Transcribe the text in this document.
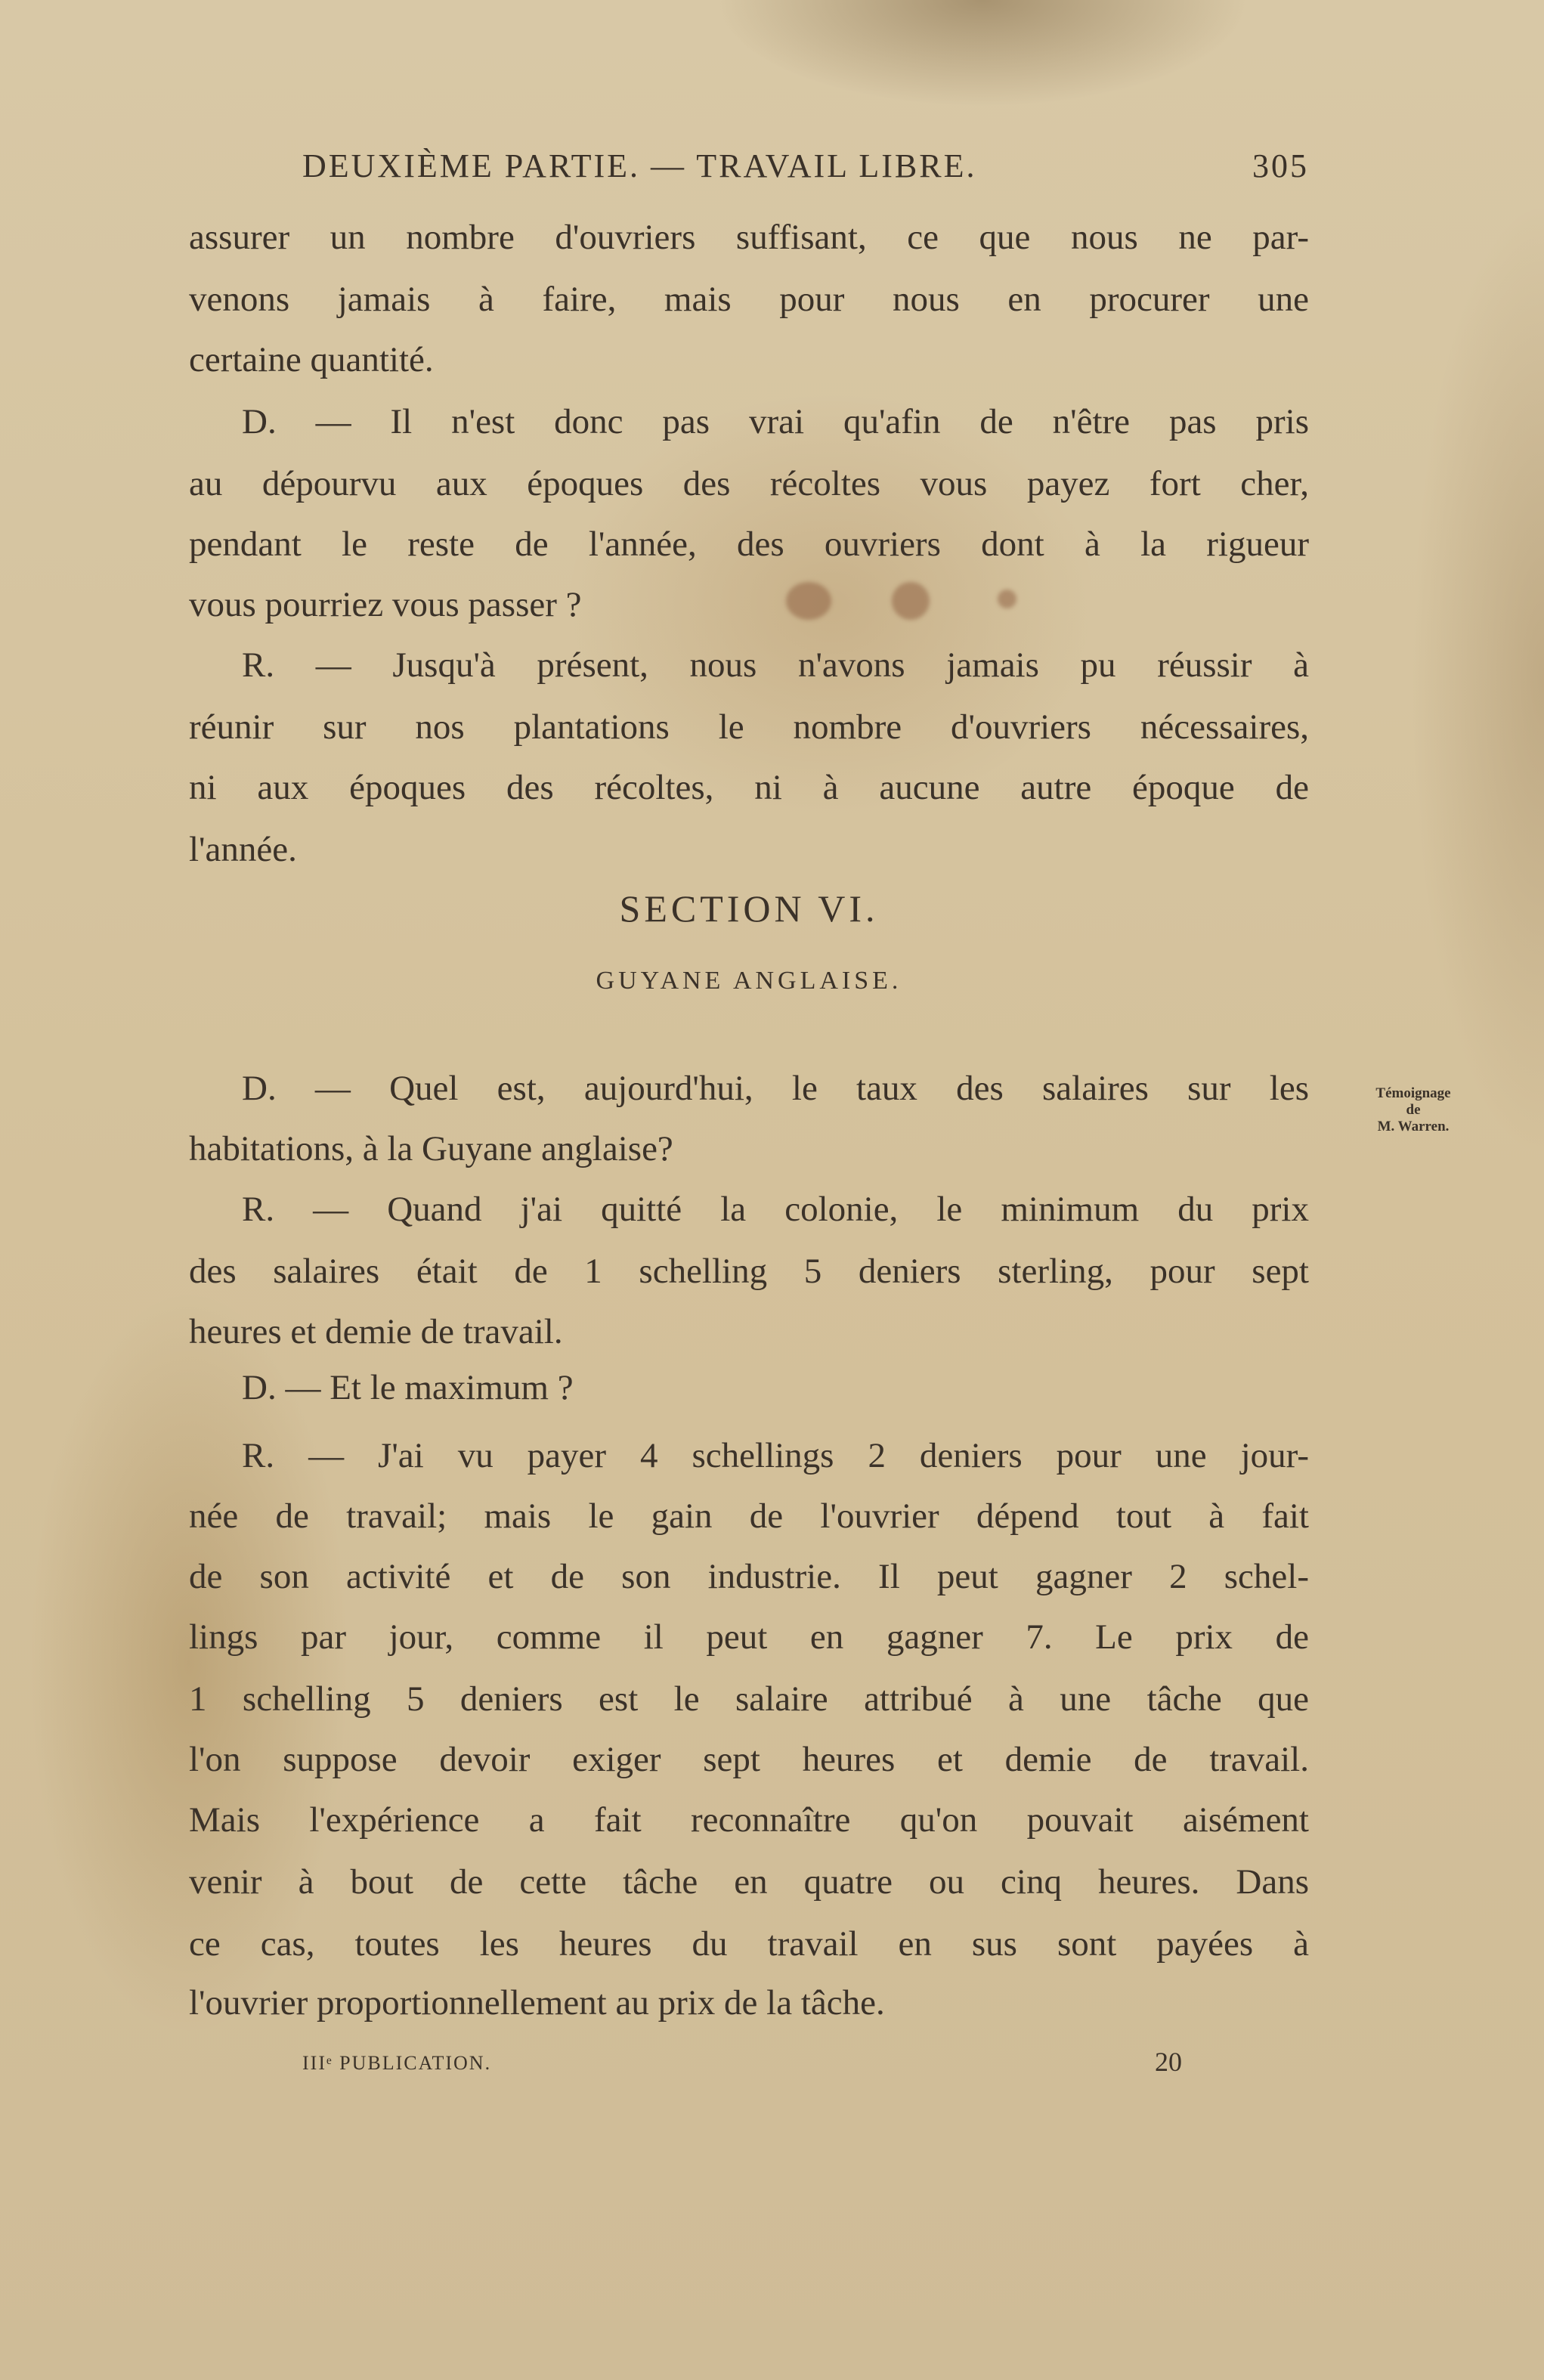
DEUXIÈME PARTIE. — TRAVAIL LIBRE.	305
assurer un nombre d'ouvriers suffisant, ce que nous ne par-
venons jamais à faire, mais pour nous en procurer une
certaine quantité.
D. — Il n'est donc pas vrai qu'afin de n'être pas pris
au dépourvu aux époques des récoltes vous payez fort cher,
pendant le reste de l'année, des ouvriers dont à la rigueur
vous pourriez vous passer ?
R. — Jusqu'à présent, nous n'avons jamais pu réussir à
réunir sur nos plantations le nombre d'ouvriers nécessaires,
ni aux époques des récoltes, ni à aucune autre époque de
l'année.
SECTION VI.
GUYANE ANGLAISE.
D. — Quel est, aujourd'hui, le taux des salaires sur les
habitations, à la Guyane anglaise?
R. — Quand j'ai quitté la colonie, le minimum du prix
des salaires était de 1 schelling 5 deniers sterling, pour sept
heures et demie de travail.
D. — Et le maximum ?
R. — J'ai vu payer 4 schellings 2 deniers pour une jour-
née de travail; mais le gain de l'ouvrier dépend tout à fait
de son activité et de son industrie. Il peut gagner 2 schel-
lings par jour, comme il peut en gagner 7. Le prix de
1 schelling 5 deniers est le salaire attribué à une tâche que
l'on suppose devoir exiger sept heures et demie de travail.
Mais l'expérience a fait reconnaître qu'on pouvait aisément
venir à bout de cette tâche en quatre ou cinq heures. Dans
ce cas, toutes les heures du travail en sus sont payées à
l'ouvrier proportionnellement au prix de la tâche.
Témoignage
de
M. Warren.
IIIᵉ PUBLICATION.	20
